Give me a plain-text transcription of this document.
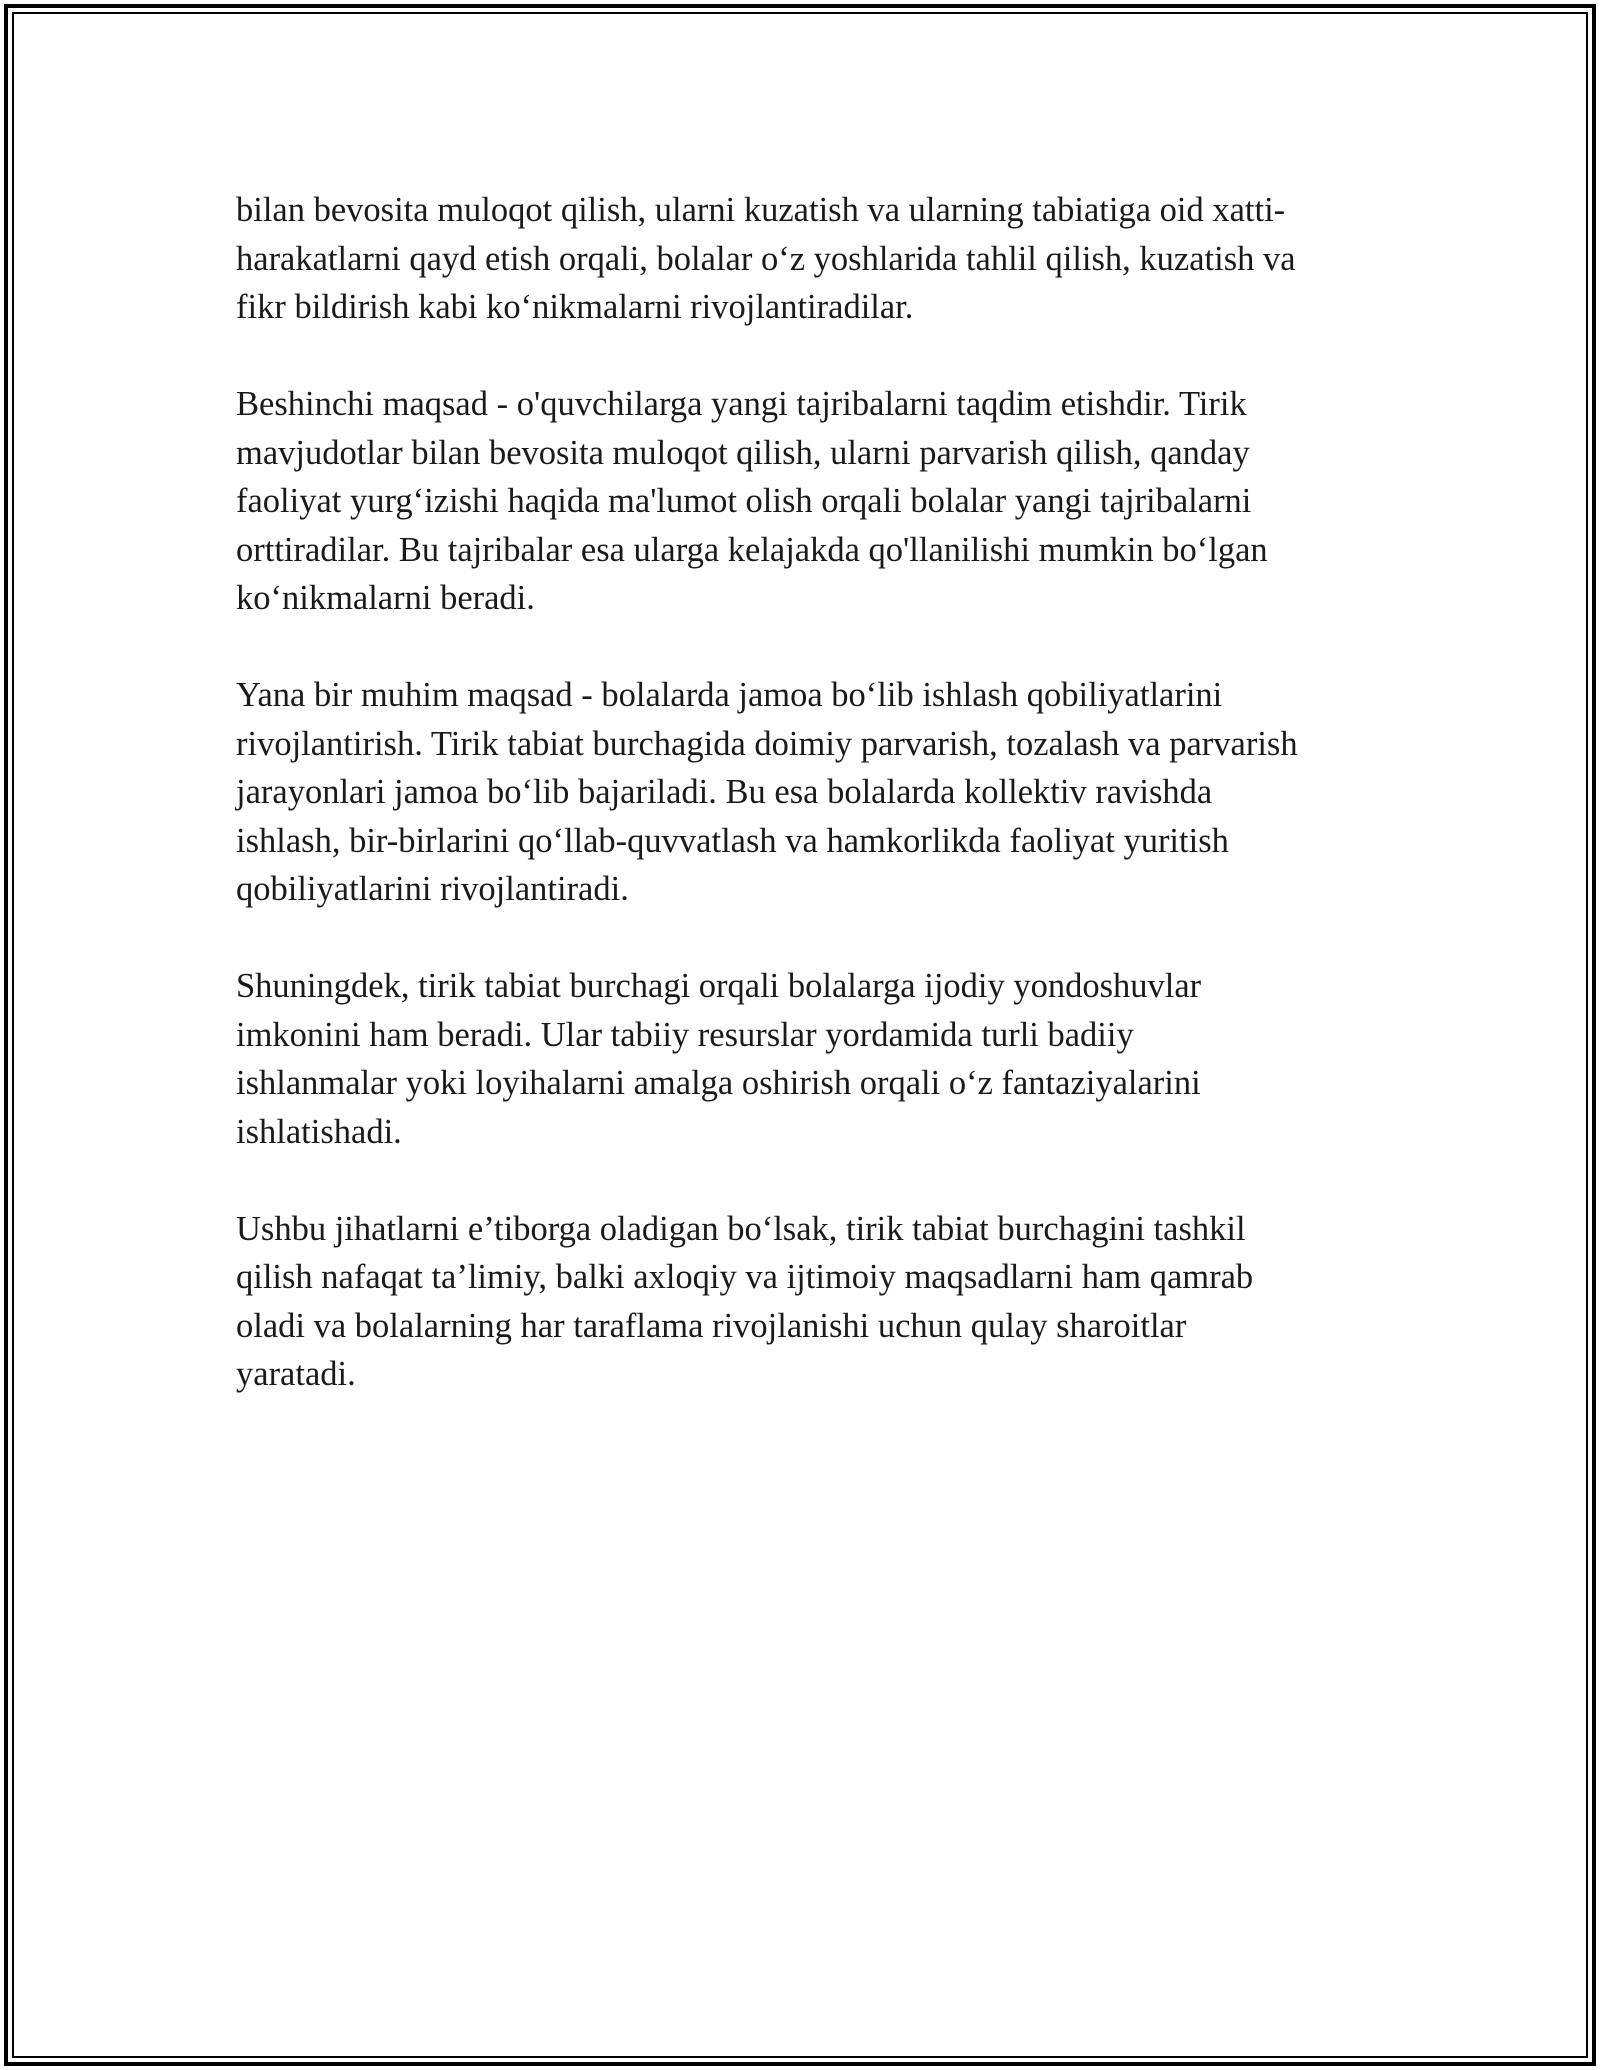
bilan bevosita muloqot qilish, ularni kuzatish va ularning tabiatiga oid xatti-
harakatlarni qayd etish orqali, bolalar o‘z yoshlarida tahlil qilish, kuzatish va
fikr bildirish kabi ko‘nikmalarni rivojlantiradilar.

Beshinchi maqsad - o'quvchilarga yangi tajribalarni taqdim etishdir. Tirik
mavjudotlar bilan bevosita muloqot qilish, ularni parvarish qilish, qanday
faoliyat yurg‘izishi haqida ma'lumot olish orqali bolalar yangi tajribalarni
orttiradilar. Bu tajribalar esa ularga kelajakda qo'llanilishi mumkin bo‘lgan
ko‘nikmalarni beradi.

Yana bir muhim maqsad - bolalarda jamoa bo‘lib ishlash qobiliyatlarini
rivojlantirish. Tirik tabiat burchagida doimiy parvarish, tozalash va parvarish
jarayonlari jamoa bo‘lib bajariladi. Bu esa bolalarda kollektiv ravishda
ishlash, bir-birlarini qo‘llab-quvvatlash va hamkorlikda faoliyat yuritish
qobiliyatlarini rivojlantiradi.

Shuningdek, tirik tabiat burchagi orqali bolalarga ijodiy yondoshuvlar
imkonini ham beradi. Ular tabiiy resurslar yordamida turli badiiy
ishlanmalar yoki loyihalarni amalga oshirish orqali o‘z fantaziyalarini
ishlatishadi.

Ushbu jihatlarni e’tiborga oladigan bo‘lsak, tirik tabiat burchagini tashkil
qilish nafaqat ta’limiy, balki axloqiy va ijtimoiy maqsadlarni ham qamrab
oladi va bolalarning har taraflama rivojlanishi uchun qulay sharoitlar
yaratadi.
